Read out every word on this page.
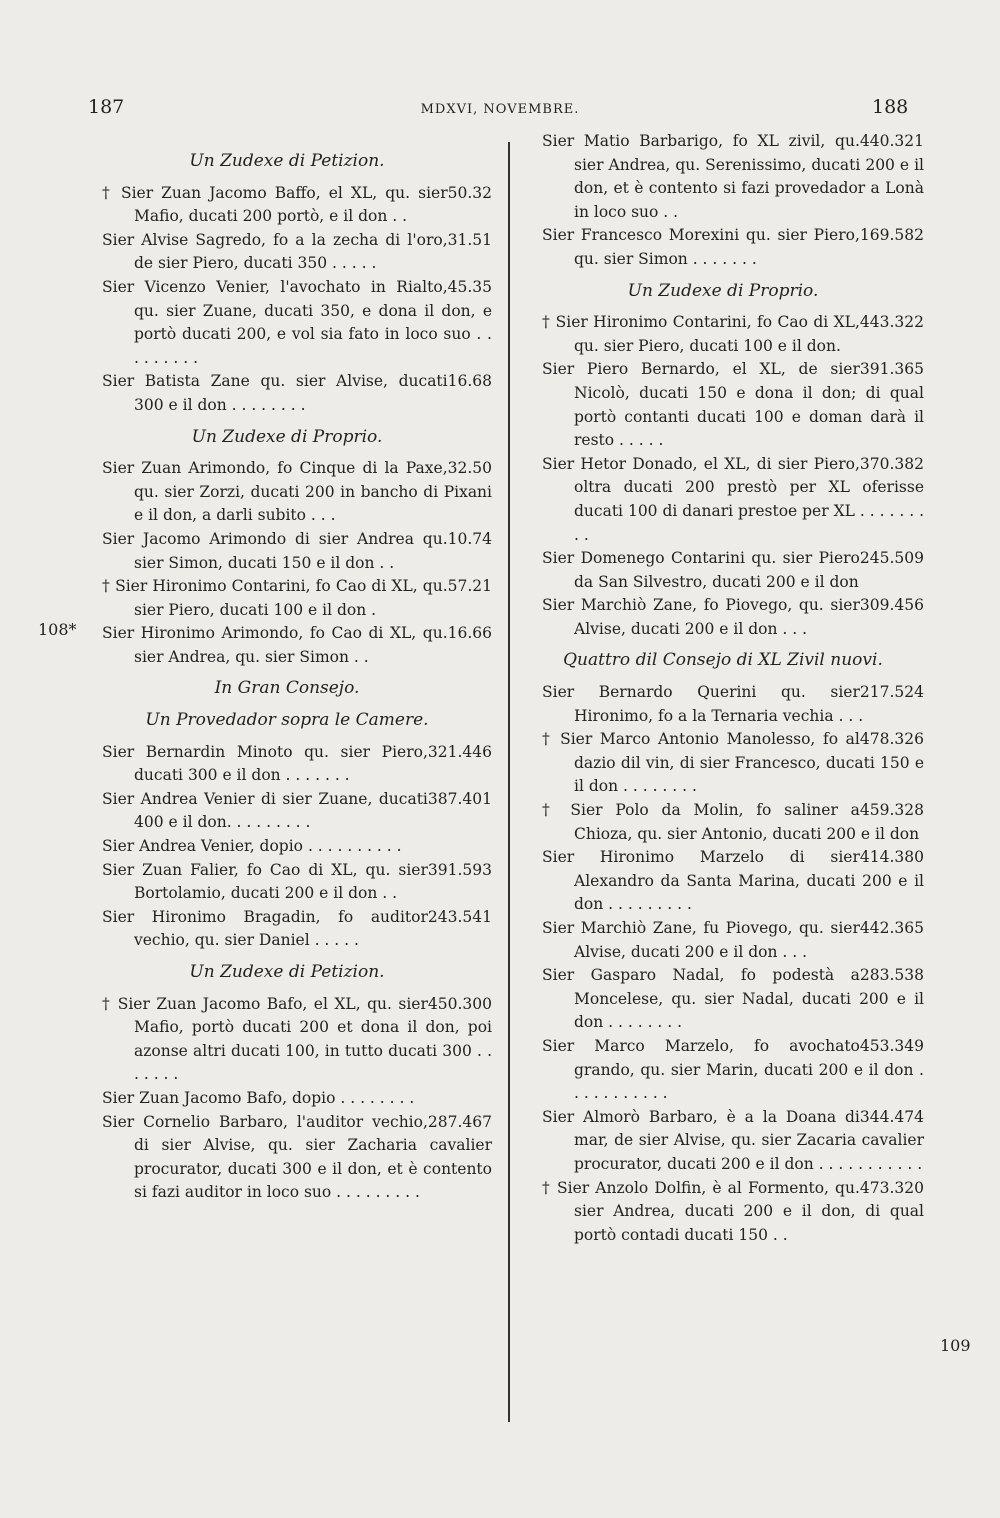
187	MDXVI, NOVEMBRE.	188
108*
109
Un Zudexe di Petizion.
50.32
† Sier Zuan Jacomo Baffo, el XL, qu. sier Mafio, ducati 200 portò, e il don . .
31.51
Sier Alvise Sagredo, fo a la zecha di l'oro, de sier Piero, ducati 350 . . . . .
45.35
Sier Vicenzo Venier, l'avochato in Rialto, qu. sier Zuane, ducati 350, e dona il don, e portò ducati 200, e vol sia fato in loco suo . . . . . . . . .
16.68
Sier Batista Zane qu. sier Alvise, ducati 300 e il don . . . . . . . .
Un Zudexe di Proprio.
32.50
Sier Zuan Arimondo, fo Cinque di la Paxe, qu. sier Zorzi, ducati 200 in bancho di Pixani e il don, a darli subito . . .
10.74
Sier Jacomo Arimondo di sier Andrea qu. sier Simon, ducati 150 e il don . .
57.21
† Sier Hironimo Contarini, fo Cao di XL, qu. sier Piero, ducati 100 e il don .
16.66
Sier Hironimo Arimondo, fo Cao di XL, qu. sier Andrea, qu. sier Simon . .
In Gran Consejo.
Un Provedador sopra le Camere.
321.446
Sier Bernardin Minoto qu. sier Piero, ducati 300 e il don . . . . . . .
387.401
Sier Andrea Venier di sier Zuane, ducati 400 e il don. . . . . . . . .
Sier Andrea Venier, dopio . . . . . . . . . .
391.593
Sier Zuan Falier, fo Cao di XL, qu. sier Bortolamio, ducati 200 e il don . .
243.541
Sier Hironimo Bragadin, fo auditor vechio, qu. sier Daniel . . . . .
Un Zudexe di Petizion.
450.300
† Sier Zuan Jacomo Bafo, el XL, qu. sier Mafio, portò ducati 200 et dona il don, poi azonse altri ducati 100, in tutto ducati 300 . . . . . . .
Sier Zuan Jacomo Bafo, dopio . . . . . . . .
287.467
Sier Cornelio Barbaro, l'auditor vechio, di sier Alvise, qu. sier Zacharia cavalier procurator, ducati 300 e il don, et è contento si fazi auditor in loco suo . . . . . . . . .
440.321
Sier Matio Barbarigo, fo XL zivil, qu. sier Andrea, qu. Serenissimo, ducati 200 e il don, et è contento si fazi provedador a Lonà in loco suo . .
169.582
Sier Francesco Morexini qu. sier Piero, qu. sier Simon . . . . . . .
Un Zudexe di Proprio.
443.322
† Sier Hironimo Contarini, fo Cao di XL, qu. sier Piero, ducati 100 e il don.
391.365
Sier Piero Bernardo, el XL, de sier Nicolò, ducati 150 e dona il don; di qual portò contanti ducati 100 e doman darà il resto . . . . .
370.382
Sier Hetor Donado, el XL, di sier Piero, oltra ducati 200 prestò per XL oferisse ducati 100 di danari prestoe per XL . . . . . . . . .
245.509
Sier Domenego Contarini qu. sier Piero da San Silvestro, ducati 200 e il don
309.456
Sier Marchiò Zane, fo Piovego, qu. sier Alvise, ducati 200 e il don . . .
Quattro dil Consejo di XL Zivil nuovi.
217.524
Sier Bernardo Querini qu. sier Hironimo, fo a la Ternaria vechia . . .
478.326
† Sier Marco Antonio Manolesso, fo al dazio dil vin, di sier Francesco, ducati 150 e il don . . . . . . . .
459.328
† Sier Polo da Molin, fo saliner a Chioza, qu. sier Antonio, ducati 200 e il don
414.380
Sier Hironimo Marzelo di sier Alexandro da Santa Marina, ducati 200 e il don . . . . . . . . .
442.365
Sier Marchiò Zane, fu Piovego, qu. sier Alvise, ducati 200 e il don . . .
283.538
Sier Gasparo Nadal, fo podestà a Moncelese, qu. sier Nadal, ducati 200 e il don . . . . . . . .
453.349
Sier Marco Marzelo, fo avochato grando, qu. sier Marin, ducati 200 e il don . . . . . . . . . . .
344.474
Sier Almorò Barbaro, è a la Doana di mar, de sier Alvise, qu. sier Zacaria cavalier procurator, ducati 200 e il don . . . . . . . . . . .
473.320
† Sier Anzolo Dolfin, è al Formento, qu. sier Andrea, ducati 200 e il don, di qual portò contadi ducati 150 . .
